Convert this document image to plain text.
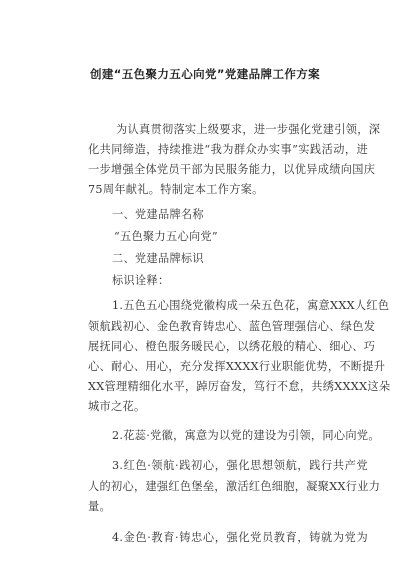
创建“五色聚力五心向党”党建品牌工作方案
为认真贯彻落实上级要求，进一步强化党建引领，深
化共同缔造，持续推进“我为群众办实事”实践活动，进
一步增强全体党员干部为民服务能力，以优异成绩向国庆
75周年献礼。特制定本工作方案。
一、党建品牌名称
“五色聚力五心向党”
二、党建品牌标识
标识诠释：
1.五色五心围绕党徽构成一朵五色花，寓意XXX人红色
领航践初心、金色教育铸忠心、蓝色管理强信心、绿色发
展抚同心、橙色服务暖民心，以绣花般的精心、细心、巧
心、耐心、用心，充分发挥XXXX行业职能优势，不断提升
XX管理精细化水平，踔厉奋发，笃行不怠，共绣XXXX这朵
城市之花。
2.花蕊·党徽，寓意为以党的建设为引领，同心向党。
3.红色·领航·践初心，强化思想领航，践行共产党
人的初心，建强红色堡垒，激活红色细胞，凝聚XX行业力
量。
4.金色·教育·铸忠心，强化党员教育，铸就为党为
